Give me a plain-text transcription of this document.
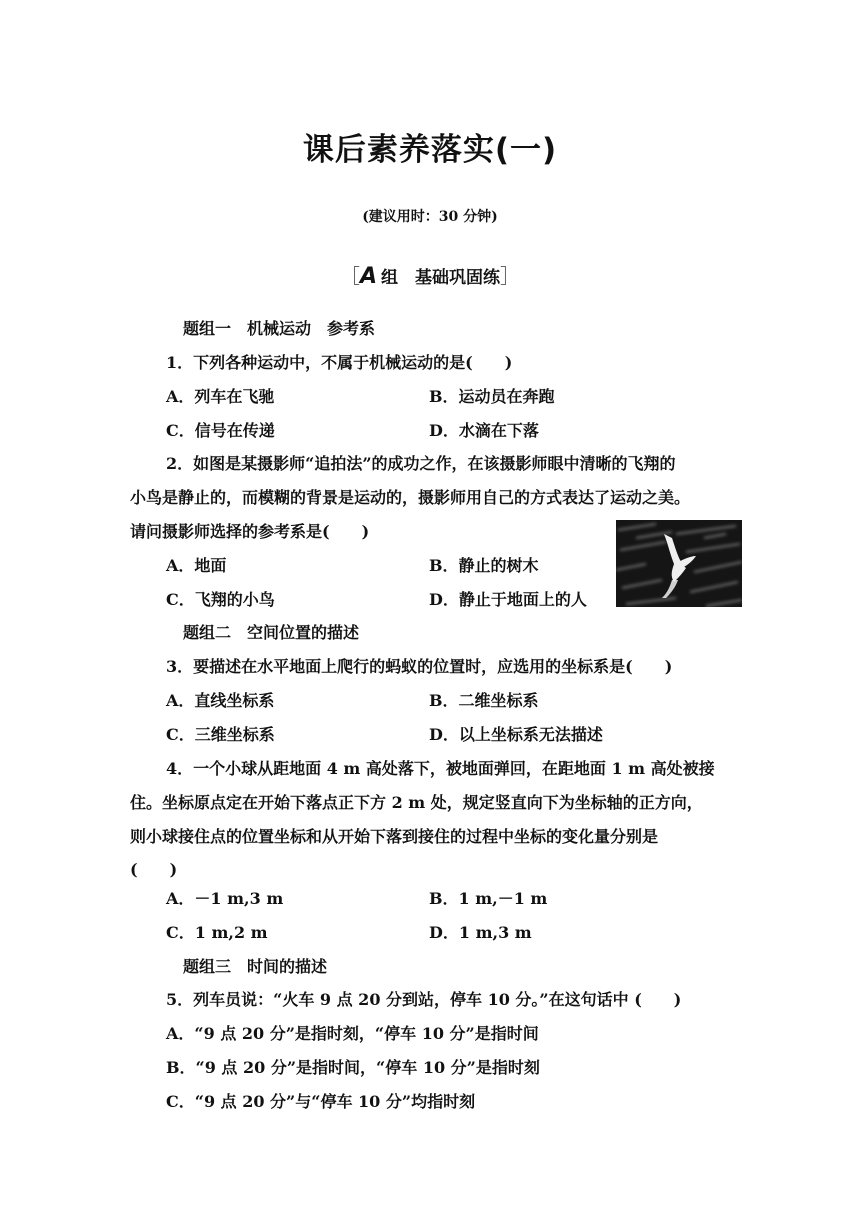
课后素养落实(一)
(建议用时：30 分钟)
［A 组　基础巩固练］
题组一　机械运动　参考系
1．下列各种运动中，不属于机械运动的是(　　)
A．列车在飞驰	B．运动员在奔跑
C．信号在传递	D．水滴在下落
2．如图是某摄影师“追拍法”的成功之作，在该摄影师眼中清晰的飞翔的
小鸟是静止的，而模糊的背景是运动的，摄影师用自己的方式表达了运动之美。
请问摄影师选择的参考系是(　　)
A．地面	B．静止的树木
C．飞翔的小鸟	D．静止于地面上的人
题组二　空间位置的描述
3．要描述在水平地面上爬行的蚂蚁的位置时，应选用的坐标系是(　　)
A．直线坐标系	B．二维坐标系
C．三维坐标系	D．以上坐标系无法描述
4．一个小球从距地面 4 m 高处落下，被地面弹回，在距地面 1 m 高处被接
住。坐标原点定在开始下落点正下方 2 m 处，规定竖直向下为坐标轴的正方向，
则小球接住点的位置坐标和从开始下落到接住的过程中坐标的变化量分别是
(　　)
A．－1 m,3 m	B．1 m,－1 m
C．1 m,2 m	D．1 m,3 m
题组三　时间的描述
5．列车员说：“火车 9 点 20 分到站，停车 10 分。”在这句话中 (　　)
A．“9 点 20 分”是指时刻，“停车 10 分”是指时间
B．“9 点 20 分”是指时间，“停车 10 分”是指时刻
C．“9 点 20 分”与“停车 10 分”均指时刻
